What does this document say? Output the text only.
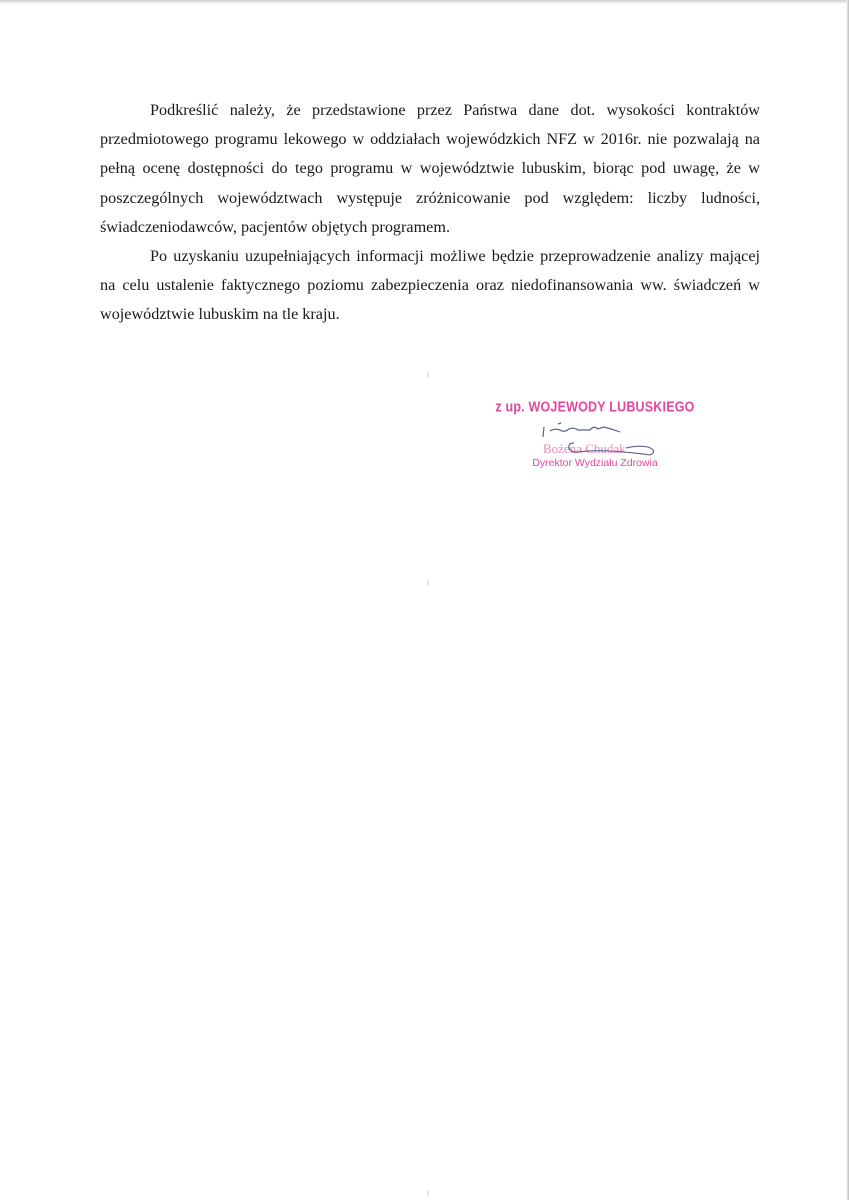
Podkreślić należy, że przedstawione przez Państwa dane dot. wysokości kontraktów przedmiotowego programu lekowego w oddziałach wojewódzkich NFZ w 2016r. nie pozwalają na pełną ocenę dostępności do tego programu w województwie lubuskim, biorąc pod uwagę, że w poszczególnych województwach występuje zróżnicowanie pod względem: liczby ludności, świadczeniodawców, pacjentów objętych programem.

Po uzyskaniu uzupełniających informacji możliwe będzie przeprowadzenie analizy mającej na celu ustalenie faktycznego poziomu zabezpieczenia oraz niedofinansowania ww. świadczeń w województwie lubuskim na tle kraju.

z up. WOJEWODY LUBUSKIEGO
Bożena Chudak
Dyrektor Wydziału Zdrowia
